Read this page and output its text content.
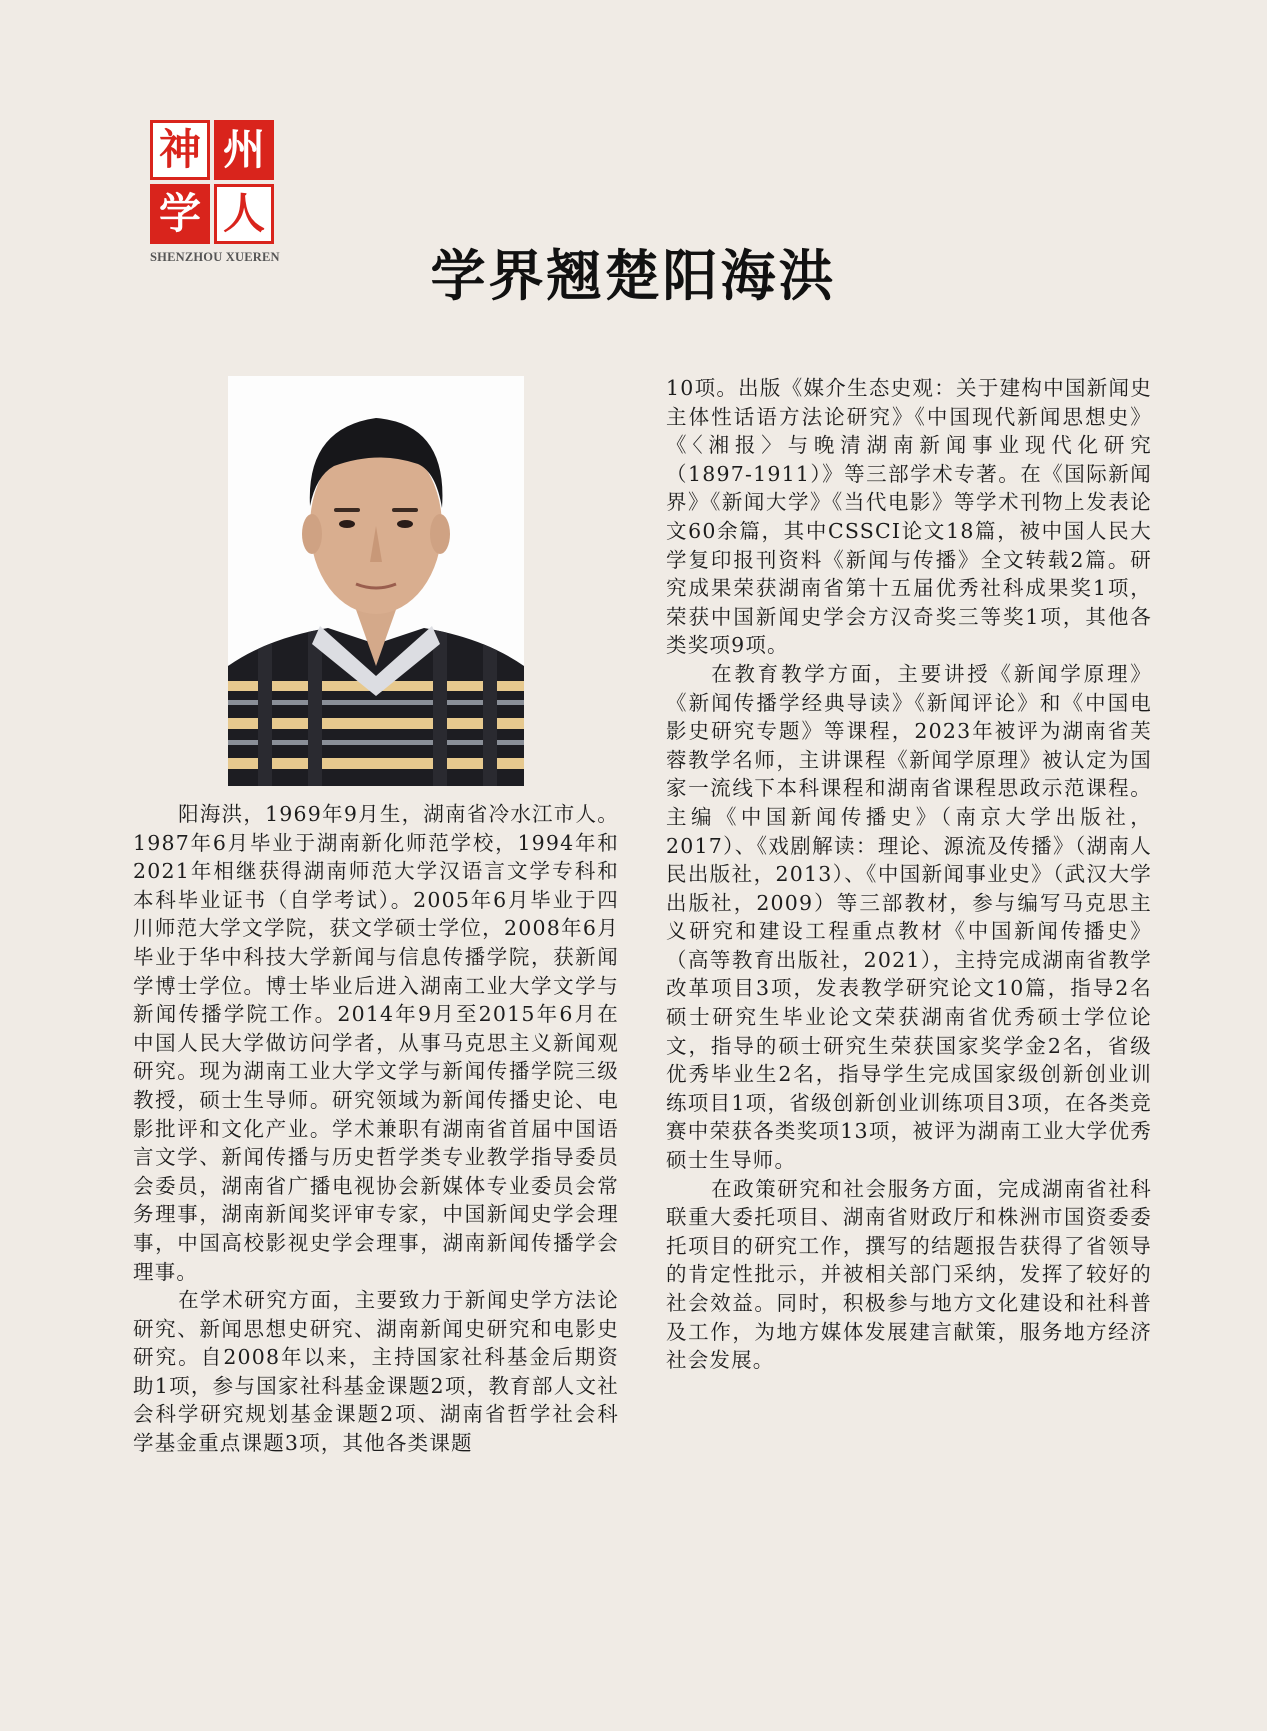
神 州
学 人
SHENZHOU XUEREN	学界翘楚阳海洪

阳海洪，1969年9月生，湖南省冷水江市人。1987年6月毕业于湖南新化师范学校，1994年和2021年相继获得湖南师范大学汉语言文学专科和本科毕业证书（自学考试）。2005年6月毕业于四川师范大学文学院，获文学硕士学位，2008年6月毕业于华中科技大学新闻与信息传播学院，获新闻学博士学位。博士毕业后进入湖南工业大学文学与新闻传播学院工作。2014年9月至2015年6月在中国人民大学做访问学者，从事马克思主义新闻观研究。现为湖南工业大学文学与新闻传播学院三级教授，硕士生导师。研究领域为新闻传播史论、电影批评和文化产业。学术兼职有湖南省首届中国语言文学、新闻传播与历史哲学类专业教学指导委员会委员，湖南省广播电视协会新媒体专业委员会常务理事，湖南新闻奖评审专家，中国新闻史学会理事，中国高校影视史学会理事，湖南新闻传播学会理事。

在学术研究方面，主要致力于新闻史学方法论研究、新闻思想史研究、湖南新闻史研究和电影史研究。自2008年以来，主持国家社科基金后期资助1项，参与国家社科基金课题2项，教育部人文社会科学研究规划基金课题2项、湖南省哲学社会科学基金重点课题3项，其他各类课题

10项。出版《媒介生态史观：关于建构中国新闻史主体性话语方法论研究》《中国现代新闻思想史》《〈湘报〉与晚清湖南新闻事业现代化研究（1897-1911）》等三部学术专著。在《国际新闻界》《新闻大学》《当代电影》等学术刊物上发表论文60余篇，其中CSSCI论文18篇，被中国人民大学复印报刊资料《新闻与传播》全文转载2篇。研究成果荣获湖南省第十五届优秀社科成果奖1项，荣获中国新闻史学会方汉奇奖三等奖1项，其他各类奖项9项。

在教育教学方面，主要讲授《新闻学原理》《新闻传播学经典导读》《新闻评论》和《中国电影史研究专题》等课程，2023年被评为湖南省芙蓉教学名师，主讲课程《新闻学原理》被认定为国家一流线下本科课程和湖南省课程思政示范课程。主编《中国新闻传播史》（南京大学出版社，2017）、《戏剧解读：理论、源流及传播》（湖南人民出版社，2013）、《中国新闻事业史》（武汉大学出版社，2009）等三部教材，参与编写马克思主义研究和建设工程重点教材《中国新闻传播史》（高等教育出版社，2021），主持完成湖南省教学改革项目3项，发表教学研究论文10篇，指导2名硕士研究生毕业论文荣获湖南省优秀硕士学位论文，指导的硕士研究生荣获国家奖学金2名，省级优秀毕业生2名，指导学生完成国家级创新创业训练项目1项，省级创新创业训练项目3项，在各类竞赛中荣获各类奖项13项，被评为湖南工业大学优秀硕士生导师。

在政策研究和社会服务方面，完成湖南省社科联重大委托项目、湖南省财政厅和株洲市国资委委托项目的研究工作，撰写的结题报告获得了省领导的肯定性批示，并被相关部门采纳，发挥了较好的社会效益。同时，积极参与地方文化建设和社科普及工作，为地方媒体发展建言献策，服务地方经济社会发展。
